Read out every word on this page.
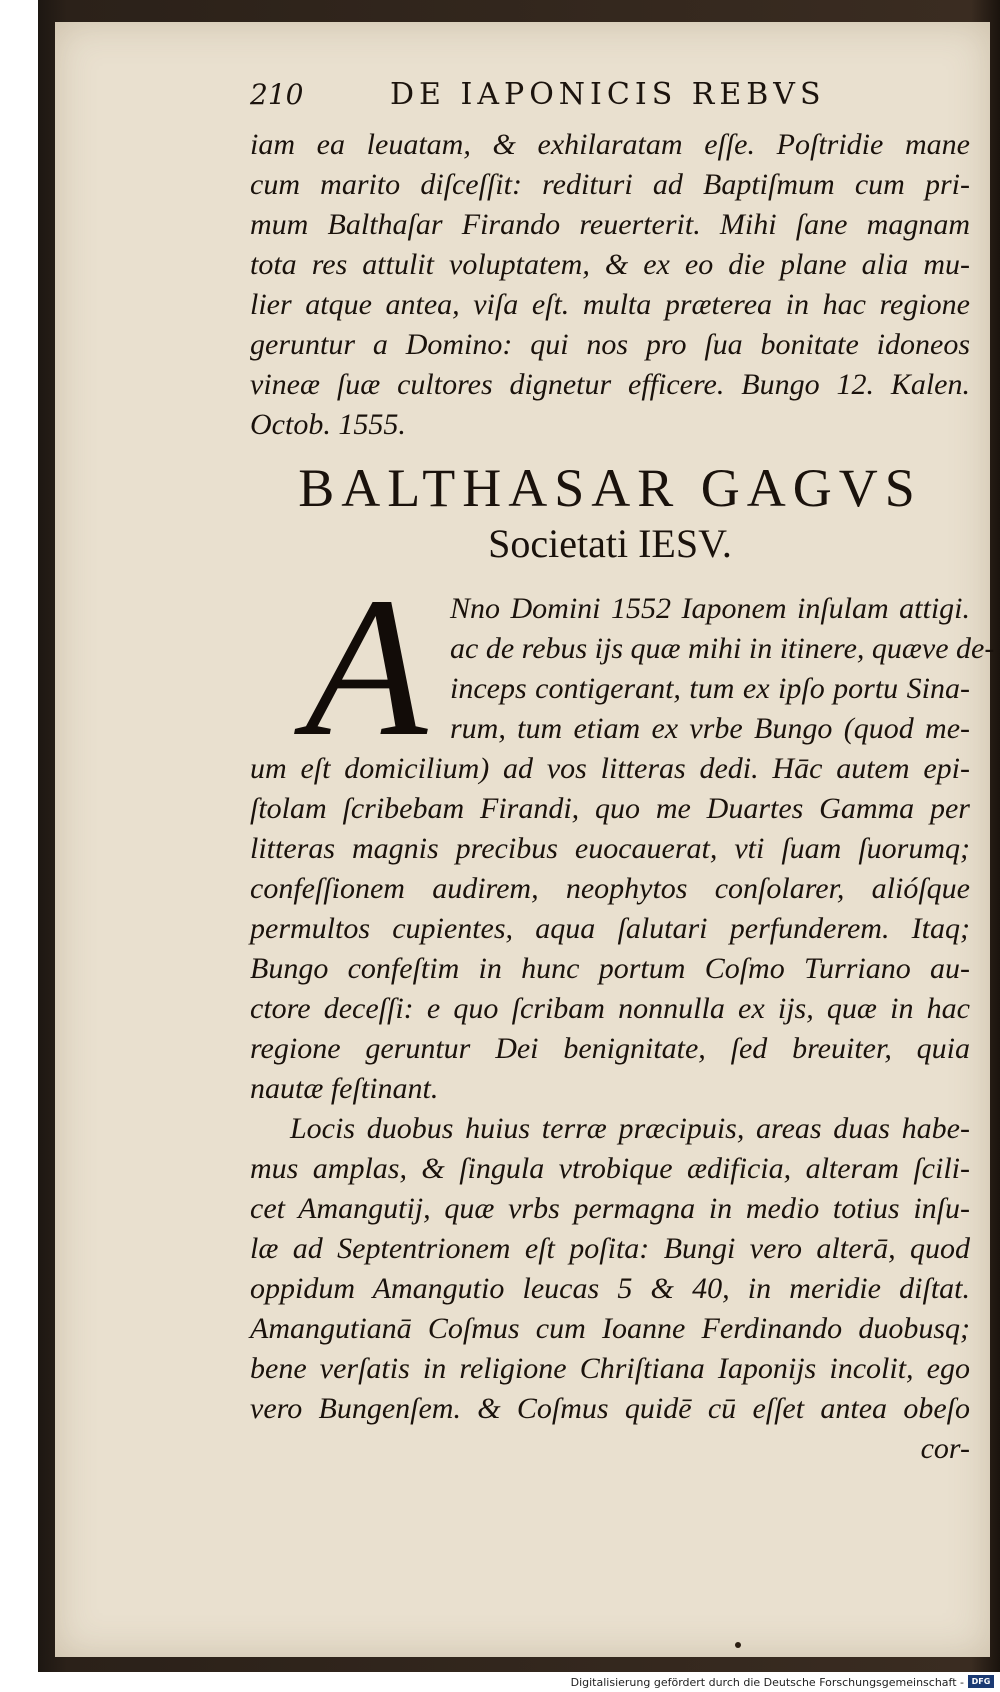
210	DE IAPONICIS REBVS
iam ea leuatam, & exhilaratam eſſe. Poſtridie mane
cum marito diſceſſit: redituri ad Baptiſmum cum pri-
mum Balthaſar Firando reuerterit. Mihi ſane magnam
tota res attulit voluptatem, & ex eo die plane alia mu-
lier atque antea, viſa eſt. multa præterea in hac regione
geruntur a Domino: qui nos pro ſua bonitate idoneos
vineæ ſuæ cultores dignetur efficere. Bungo 12. Kalen.
Octob. 1555.
BALTHASAR GAGVS
Societati IESV.
A Nno Domini 1552 Iaponem inſulam attigi.
ac de rebus ijs quæ mihi in itinere, quæve de-
inceps contigerant, tum ex ipſo portu Sina-
rum, tum etiam ex vrbe Bungo (quod me-
um eſt domicilium) ad vos litteras dedi. Hāc autem epi-
ſtolam ſcribebam Firandi, quo me Duartes Gamma per
litteras magnis precibus euocauerat, vti ſuam ſuorumq;
confeſſionem audirem, neophytos conſolarer, alióſque
permultos cupientes, aqua ſalutari perfunderem. Itaq;
Bungo confeſtim in hunc portum Coſmo Turriano au-
ctore deceſſi: e quo ſcribam nonnulla ex ijs, quæ in hac
regione geruntur Dei benignitate, ſed breuiter, quia
nautæ feſtinant.
Locis duobus huius terræ præcipuis, areas duas habe-
mus amplas, & ſingula vtrobique ædificia, alteram ſcili-
cet Amangutij, quæ vrbs permagna in medio totius inſu-
læ ad Septentrionem eſt poſita: Bungi vero alterā, quod
oppidum Amangutio leucas 5 & 40, in meridie diſtat.
Amangutianā Coſmus cum Ioanne Ferdinando duobusq;
bene verſatis in religione Chriſtiana Iaponijs incolit, ego
vero Bungenſem. & Coſmus quidē cū eſſet antea obeſo
cor-
Digitalisierung gefördert durch die Deutsche Forschungsgemeinschaft - DFG
